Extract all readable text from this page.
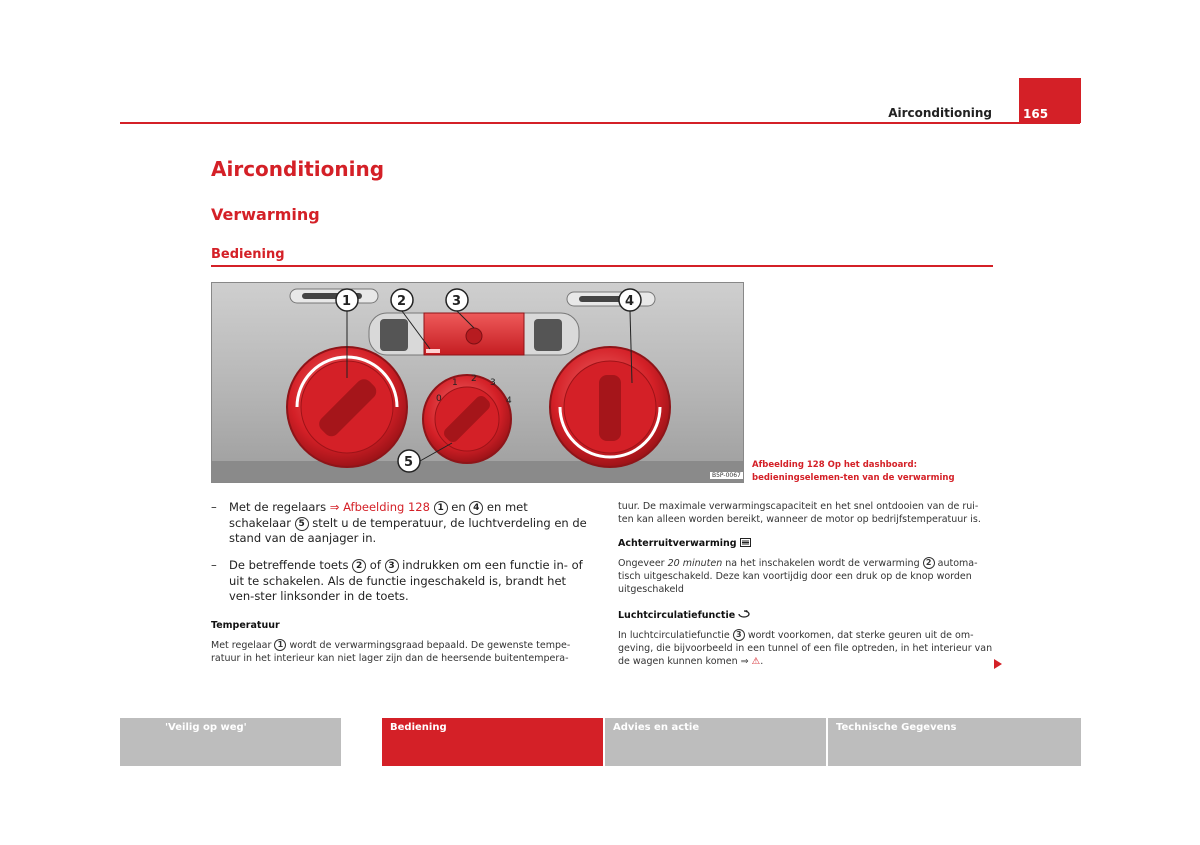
Airconditioning	165
Airconditioning
Verwarming
Bediening
0
1 2 3
4
1	2	3	4
5
B5P-0067
Afbeelding 128 Op het dashboard: bedieningselemen-ten van de verwarming
– Met de regelaars ⇒ Afbeelding 128 1 en 4 en met schakelaar 5 stelt u de temperatuur, de luchtverdeling en de stand van de aanjager in.
– De betreffende toets 2 of 3 indrukken om een functie in- of uit te schakelen. Als de functie ingeschakeld is, brandt het ven-ster linksonder in de toets.
Temperatuur
Met regelaar 1 wordt de verwarmingsgraad bepaald. De gewenste tempe-ratuur in het interieur kan niet lager zijn dan de heersende buitentempera-
tuur. De maximale verwarmingscapaciteit en het snel ontdooien van de rui-ten kan alleen worden bereikt, wanneer de motor op bedrijfstemperatuur is.
Achterruitverwarming
Ongeveer 20 minuten na het inschakelen wordt de verwarming 2 automa-tisch uitgeschakeld. Deze kan voortijdig door een druk op de knop worden uitgeschakeld
Luchtcirculatiefunctie
In luchtcirculatiefunctie 3 wordt voorkomen, dat sterke geuren uit de om-geving, die bijvoorbeeld in een tunnel of een file optreden, in het interieur van de wagen kunnen komen ⇒ ⚠.
'Veilig op weg'	Bediening	Advies en actie	Technische Gegevens
